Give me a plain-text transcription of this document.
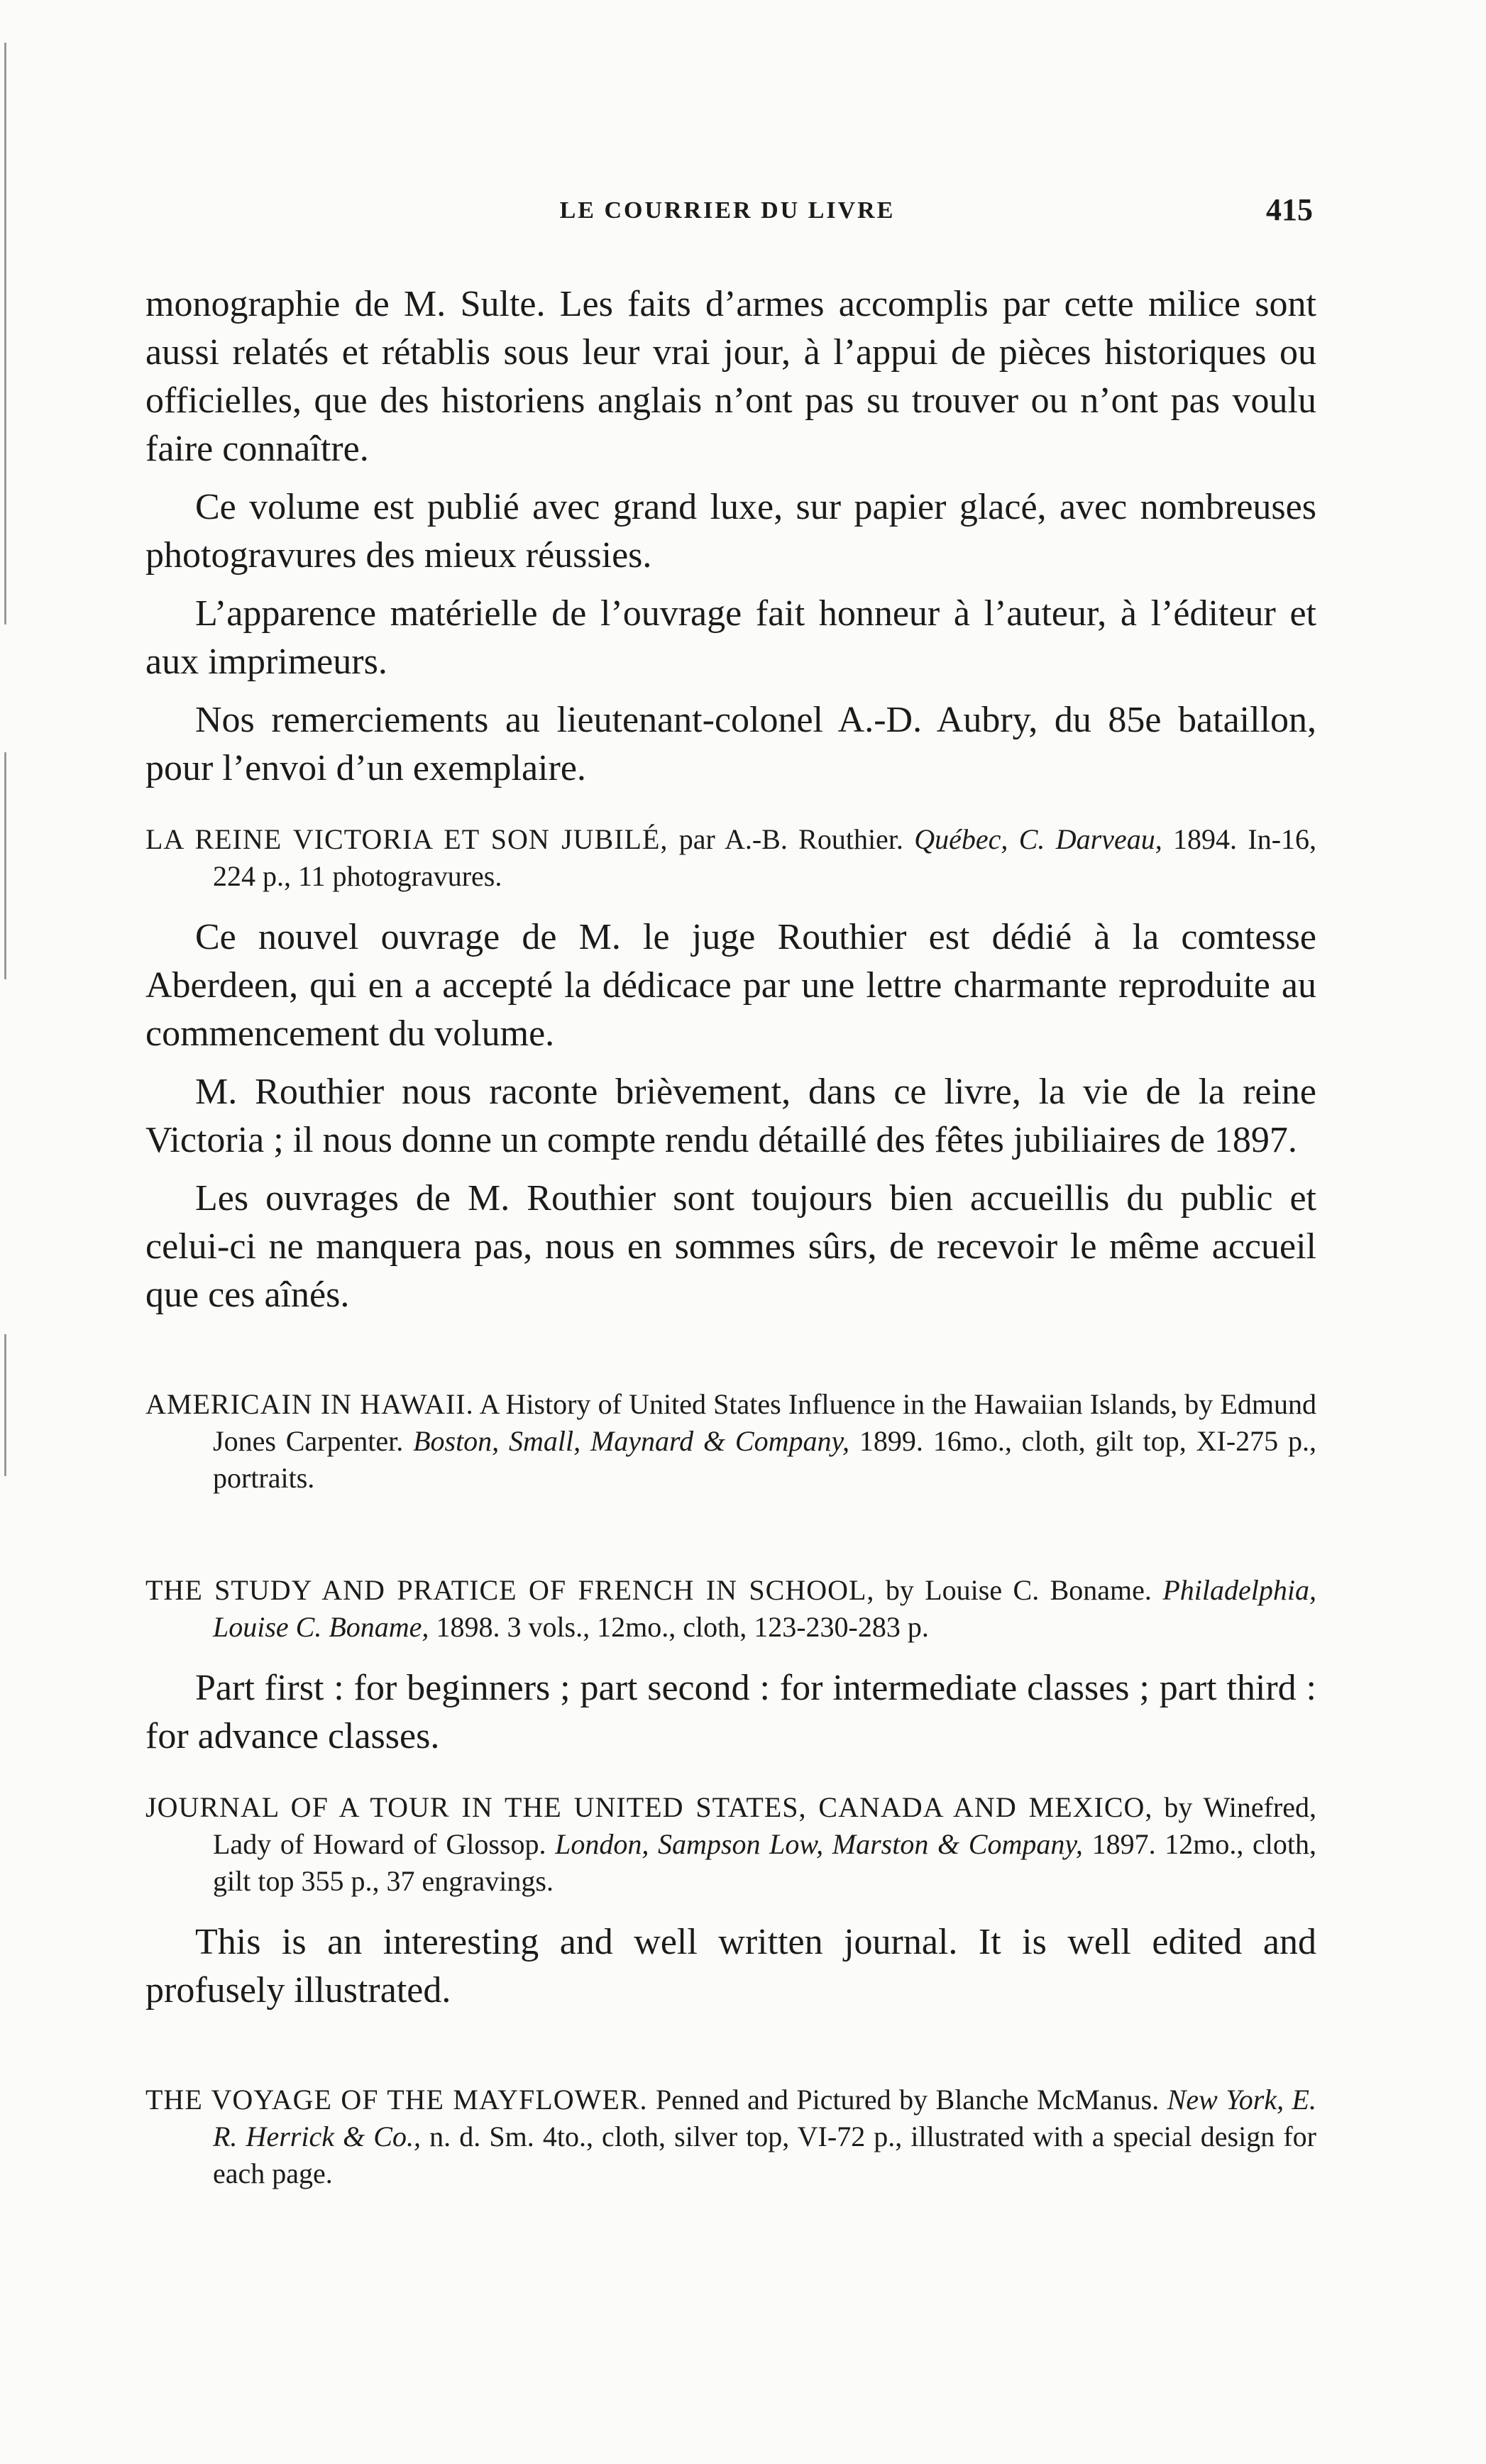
LE COURRIER DU LIVRE	415

monographie de M. Sulte. Les faits d’armes accomplis par cette milice sont aussi relatés et rétablis sous leur vrai jour, à l’appui de pièces historiques ou officielles, que des historiens anglais n’ont pas su trouver ou n’ont pas voulu faire connaître.

Ce volume est publié avec grand luxe, sur papier glacé, avec nombreuses photogravures des mieux réussies.

L’apparence matérielle de l’ouvrage fait honneur à l’auteur, à l’éditeur et aux imprimeurs.

Nos remerciements au lieutenant-colonel A.-D. Aubry, du 85e bataillon, pour l’envoi d’un exemplaire.

LA REINE VICTORIA ET SON JUBILÉ, par A.-B. Routhier. Québec, C. Darveau, 1894. In-16, 224 p., 11 photogravures.

Ce nouvel ouvrage de M. le juge Routhier est dédié à la comtesse Aberdeen, qui en a accepté la dédicace par une lettre charmante reproduite au commencement du volume.

M. Routhier nous raconte brièvement, dans ce livre, la vie de la reine Victoria ; il nous donne un compte rendu détaillé des fêtes jubiliaires de 1897.

Les ouvrages de M. Routhier sont toujours bien accueillis du public et celui-ci ne manquera pas, nous en sommes sûrs, de recevoir le même accueil que ces aînés.

AMERICAIN IN HAWAII. A History of United States Influence in the Hawaiian Islands, by Edmund Jones Carpenter. Boston, Small, Maynard & Company, 1899. 16mo., cloth, gilt top, XI-275 p., portraits.
THE STUDY AND PRATICE OF FRENCH IN SCHOOL, by Louise C. Boname. Philadelphia, Louise C. Boname, 1898. 3 vols., 12mo., cloth, 123-230-283 p.

Part first : for beginners ; part second : for intermediate classes ; part third : for advance classes.

JOURNAL OF A TOUR IN THE UNITED STATES, CANADA AND MEXICO, by Winefred, Lady of Howard of Glossop. London, Sampson Low, Marston & Company, 1897. 12mo., cloth, gilt top 355 p., 37 engravings.

This is an interesting and well written journal. It is well edited and profusely illustrated.

THE VOYAGE OF THE MAYFLOWER. Penned and Pictured by Blanche McManus. New York, E. R. Herrick & Co., n. d. Sm. 4to., cloth, silver top, VI-72 p., illustrated with a special design for each page.
